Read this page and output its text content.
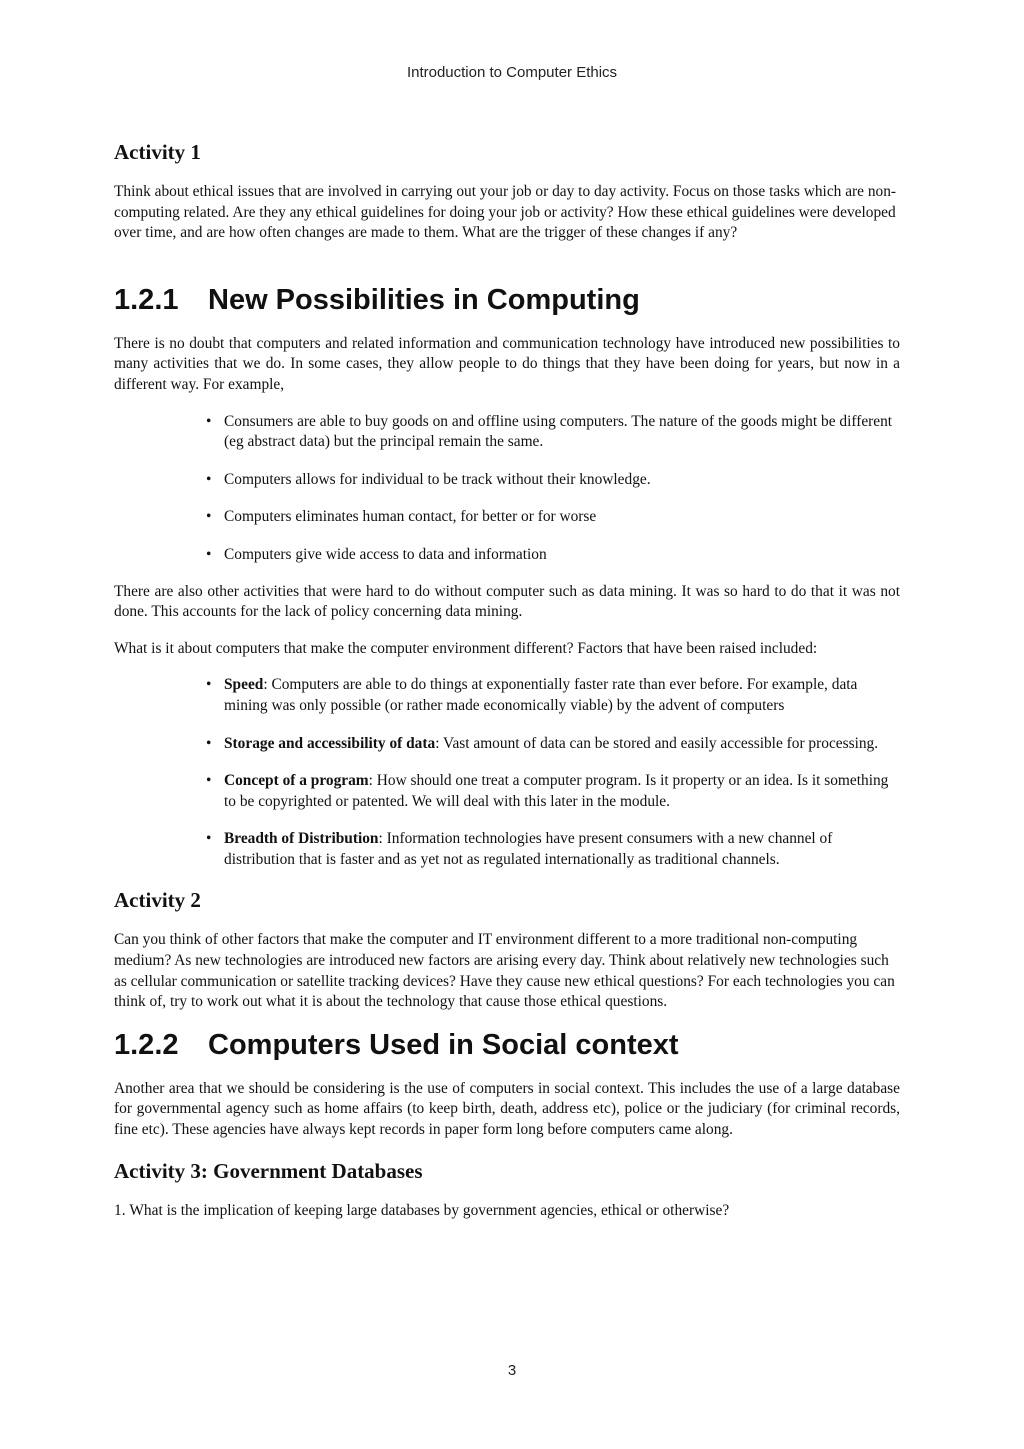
Introduction to Computer Ethics
Activity 1

Think about ethical issues that are involved in carrying out your job or day to day activity. Focus on those tasks which are non-computing related. Are they any ethical guidelines for doing your job or activity? How these ethical guidelines were developed over time, and are how often changes are made to them. What are the trigger of these changes if any?

1.2.1	New Possibilities in Computing

There is no doubt that computers and related information and communication technology have introduced new possibilities to many activities that we do. In some cases, they allow people to do things that they have been doing for years, but now in a different way. For example,

• Consumers are able to buy goods on and offline using computers. The nature of the goods might be different (eg abstract data) but the principal remain the same.
• Computers allows for individual to be track without their knowledge.
• Computers eliminates human contact, for better or for worse
• Computers give wide access to data and information

There are also other activities that were hard to do without computer such as data mining. It was so hard to do that it was not done. This accounts for the lack of policy concerning data mining.

What is it about computers that make the computer environment different? Factors that have been raised included:

• Speed: Computers are able to do things at exponentially faster rate than ever before. For example, data mining was only possible (or rather made economically viable) by the advent of computers
• Storage and accessibility of data: Vast amount of data can be stored and easily accessible for processing.
• Concept of a program: How should one treat a computer program. Is it property or an idea. Is it something to be copyrighted or patented. We will deal with this later in the module.
• Breadth of Distribution: Information technologies have present consumers with a new channel of distribution that is faster and as yet not as regulated internationally as traditional channels.
Activity 2

Can you think of other factors that make the computer and IT environment different to a more traditional non-computing medium? As new technologies are introduced new factors are arising every day. Think about relatively new technologies such as cellular communication or satellite tracking devices? Have they cause new ethical questions? For each technologies you can think of, try to work out what it is about the technology that cause those ethical questions.

1.2.2	Computers Used in Social context

Another area that we should be considering is the use of computers in social context. This includes the use of a large database for governmental agency such as home affairs (to keep birth, death, address etc), police or the judiciary (for criminal records, fine etc). These agencies have always kept records in paper form long before computers came along.

Activity 3: Government Databases
1. What is the implication of keeping large databases by government agencies, ethical or otherwise?
3
